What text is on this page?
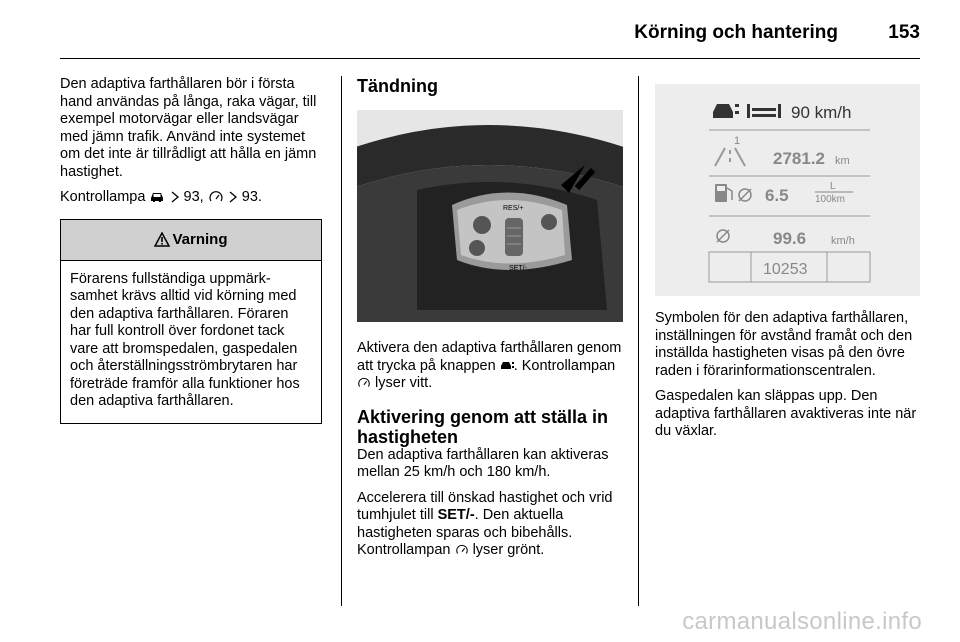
Körning och hantering	153

Den adaptiva farthållaren bör i första hand användas på långa, raka vägar, till exempel motorvägar eller landsvägar med jämn trafik. Använd inte systemet om det inte är tillrådligt att hålla en jämn hastighet.

Kontrollampa	93,	93.

Varning
Förarens fullständiga uppmärksamhet krävs alltid vid körning med den adaptiva farthållaren. Föraren har full kontroll över fordonet tack vare att bromspedalen, gaspedalen och återställningsströmbrytaren har företräde framför alla funktioner hos den adaptiva farthållaren.
Tändning
RES/+
SET/-

Aktivera den adaptiva farthållaren genom att trycka på knappen . Kontrollampan  lyser vitt.

Aktivering genom att ställa in hastigheten

Den adaptiva farthållaren kan aktiveras mellan 25 km/h och 180 km/h.

Accelerera till önskad hastighet och vrid tumhjulet till SET/-. Den aktuella hastigheten sparas och bibehålls. Kontrollampan lyser grönt.

90 km/h
1
2781.2 km
6.5	L
100km
99.6 km/h
10253

Symbolen för den adaptiva farthållaren, inställningen för avstånd framåt och den inställda hastigheten visas på den övre raden i förarinformationscentralen.

Gaspedalen kan släppas upp. Den adaptiva farthållaren avaktiveras inte när du växlar.

carmanualsonline.info
